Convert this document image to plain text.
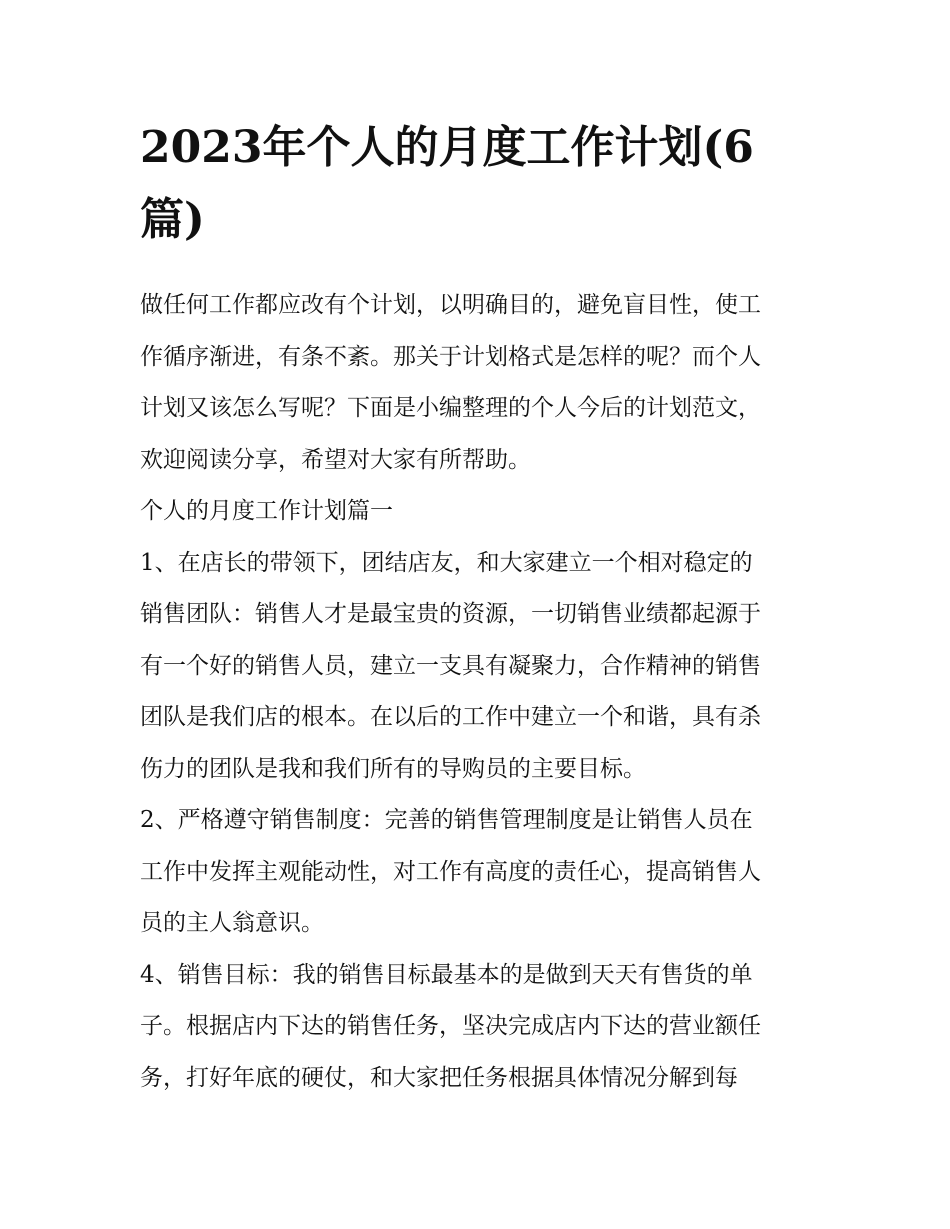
2023年个人的月度工作计划(6
篇)
做任何工作都应改有个计划，以明确目的，避免盲目性，使工
作循序渐进，有条不紊。那关于计划格式是怎样的呢？而个人
计划又该怎么写呢？下面是小编整理的个人今后的计划范文，
欢迎阅读分享，希望对大家有所帮助。
个人的月度工作计划篇一
1、在店长的带领下，团结店友，和大家建立一个相对稳定的
销售团队：销售人才是最宝贵的资源，一切销售业绩都起源于
有一个好的销售人员，建立一支具有凝聚力，合作精神的销售
团队是我们店的根本。在以后的工作中建立一个和谐，具有杀
伤力的团队是我和我们所有的导购员的主要目标。
2、严格遵守销售制度：完善的销售管理制度是让销售人员在
工作中发挥主观能动性，对工作有高度的责任心，提高销售人
员的主人翁意识。
4、销售目标：我的销售目标最基本的是做到天天有售货的单
子。根据店内下达的销售任务，坚决完成店内下达的营业额任
务，打好年底的硬仗，和大家把任务根据具体情况分解到每
